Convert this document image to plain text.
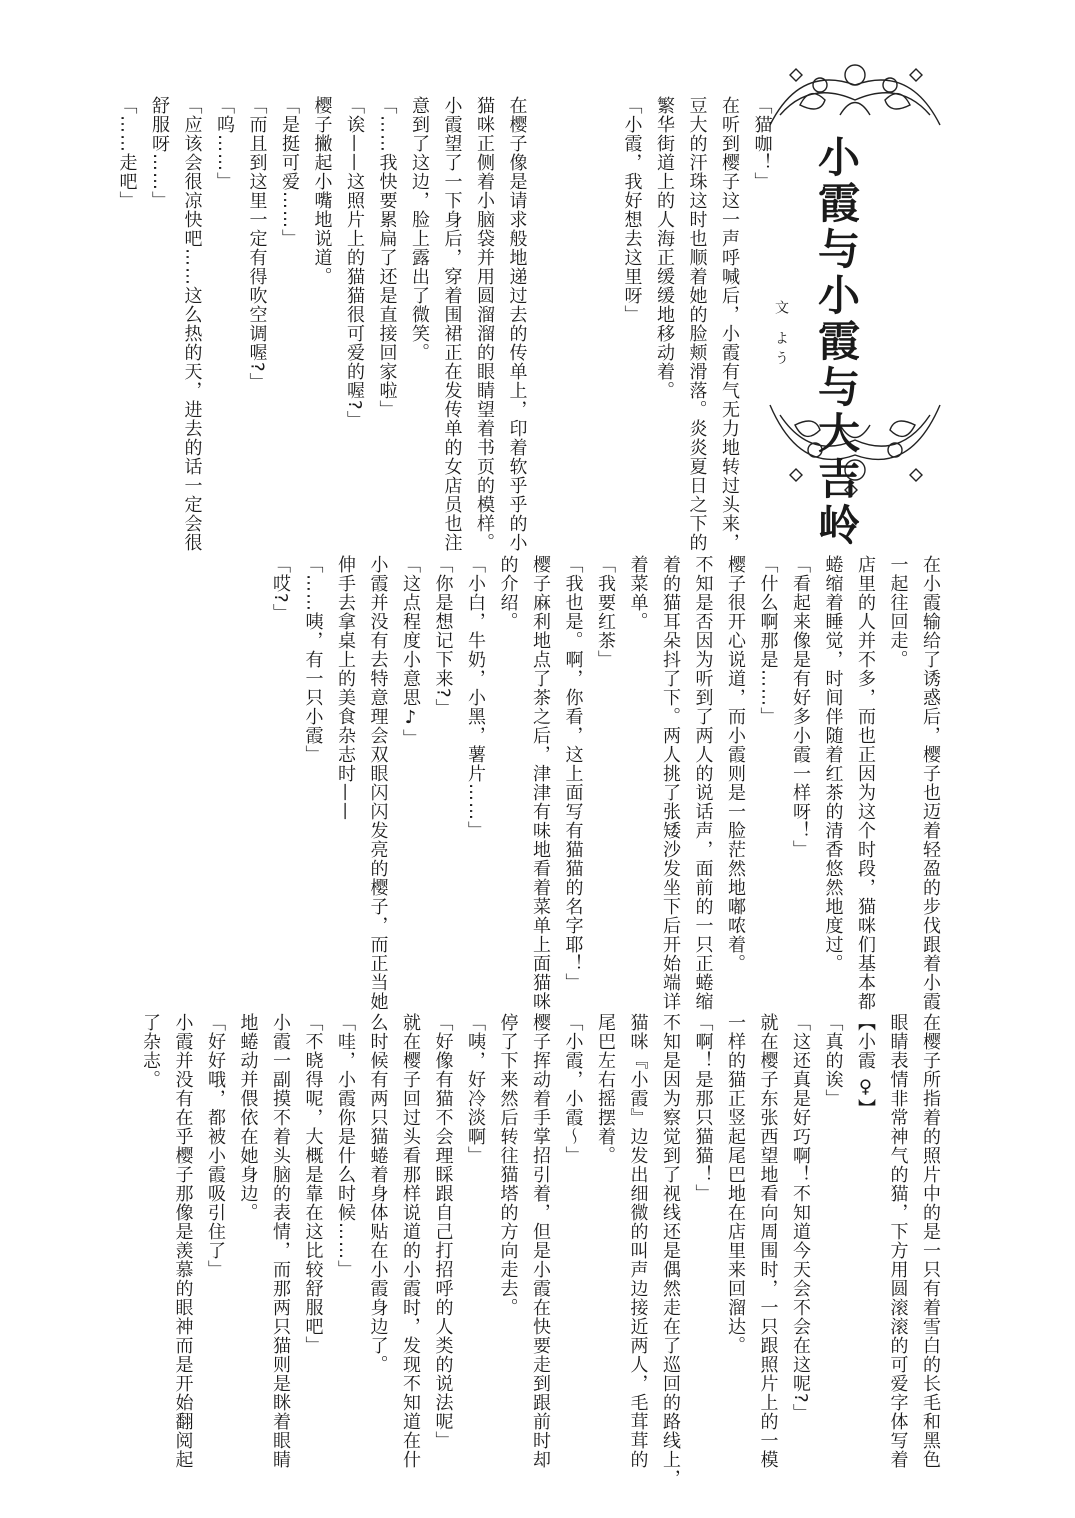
小霞与小霞与大吉岭
文 よう

「猫咖！」

在听到樱子这一声呼喊后，小霞有气无力地转过头来，

豆大的汗珠这时也顺着她的脸颊滑落。炎炎夏日之下的

繁华街道上的人海正缓缓地移动着。

「小霞，我好想去这里呀」

在樱子像是请求般地递过去的传单上，印着软乎乎的小

猫咪正侧着小脑袋并用圆溜溜的眼睛望着书页的模样。

小霞望了一下身后，穿着围裙正在发传单的女店员也注

意到了这边，脸上露出了微笑。

「……我快要累扁了还是直接回家啦」

「诶——这照片上的猫猫很可爱的喔?」

樱子撇起小嘴地说道。

「是挺可爱……」

「而且到这里一定有得吹空调喔?」

「呜……」

「应该会很凉快吧……这么热的天，进去的话一定会很

舒服呀……」

「……走吧」

在小霞输给了诱惑后，樱子也迈着轻盈的步伐跟着小霞

一起往回走。

店里的人并不多，而也正因为这个时段，猫咪们基本都

蜷缩着睡觉，时间伴随着红茶的清香悠然地度过。

「看起来像是有好多小霞一样呀！」

「什么啊那是……」

樱子很开心说道，而小霞则是一脸茫然地嘟哝着。

不知是否因为听到了两人的说话声，面前的一只正蜷缩

着的猫耳朵抖了下。两人挑了张矮沙发坐下后开始端详

着菜单。

「我要红茶」

「我也是。啊，你看，这上面写有猫猫的名字耶！」

樱子麻利地点了茶之后，津津有味地看着菜单上面猫咪

的介绍。

「小白，牛奶，小黑，薯片……」

「你是想记下来?」

「这点程度小意思♪」

小霞并没有去特意理会双眼闪闪发亮的樱子，而正当她

伸手去拿桌上的美食杂志时——

「……咦，有一只小霞」

「哎?」

在樱子所指着的照片中的是一只有着雪白的长毛和黑色

眼睛表情非常神气的猫，下方用圆滚滚的可爱字体写着

【小霞 ♀】

「真的诶」

「这还真是好巧啊！不知道今天会不会在这呢?」

就在樱子东张西望地看向周围时，一只跟照片上的一模

一样的猫正竖起尾巴地在店里来回溜达。

「啊！是那只猫猫！」

不知是因为察觉到了视线还是偶然走在了巡回的路线上，

猫咪『小霞』边发出细微的叫声边接近两人，毛茸茸的

尾巴左右摇摆着。

「小霞，小霞～」

樱子挥动着手掌招引着，但是小霞在快要走到跟前时却

停了下来然后转往猫塔的方向走去。

「咦，好冷淡啊」

「好像有猫不会理睬跟自己打招呼的人类的说法呢」

就在樱子回过头看那样说道的小霞时，发现不知道在什

么时候有两只猫蜷着身体贴在小霞身边了。

「哇，小霞你是什么时候……」

「不晓得呢，大概是靠在这比较舒服吧」

小霞一副摸不着头脑的表情，而那两只猫则是眯着眼睛

地蜷动并偎依在她身边。

「好好哦，都被小霞吸引住了」

小霞并没有在乎樱子那像是羡慕的眼神而是开始翻阅起

了杂志。
